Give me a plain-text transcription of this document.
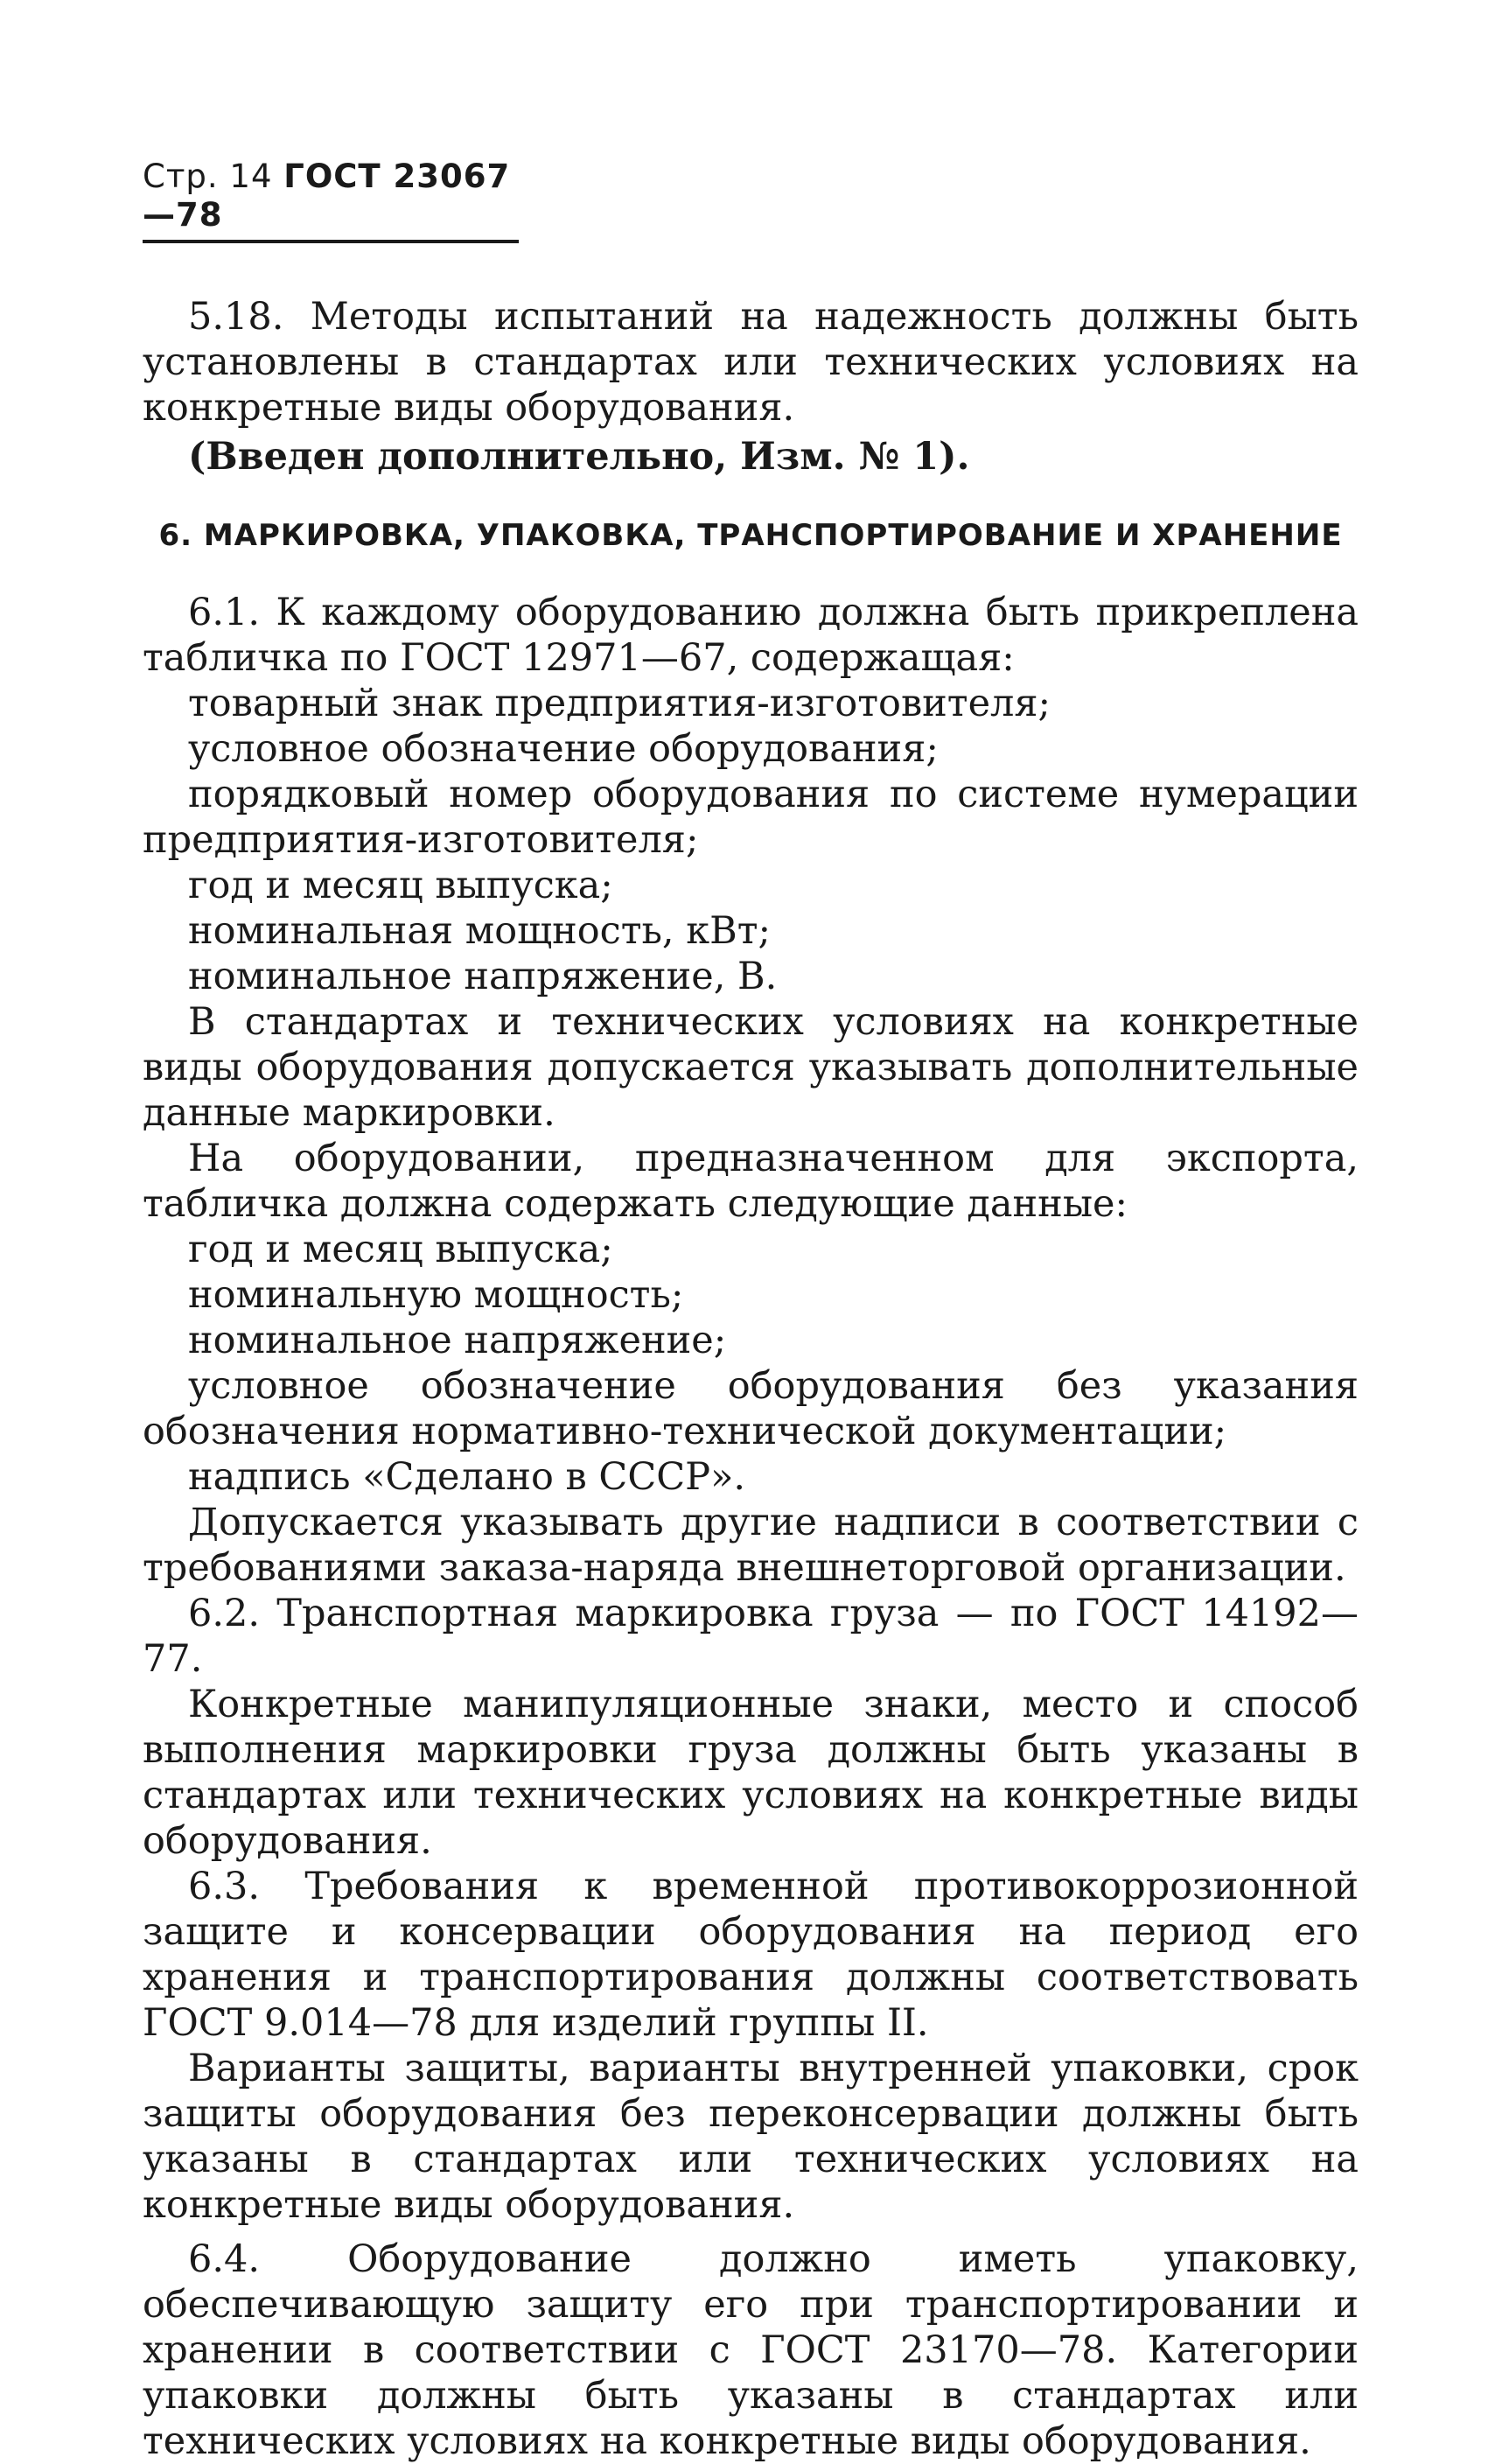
Стр. 14 ГОСТ 23067—78

5.18. Методы испытаний на надежность должны быть установлены в стандартах или технических условиях на конкретные виды оборудования.

(Введен дополнительно, Изм. № 1).

6. МАРКИРОВКА, УПАКОВКА, ТРАНСПОРТИРОВАНИЕ И ХРАНЕНИЕ

6.1. К каждому оборудованию должна быть прикреплена табличка по ГОСТ 12971—67, содержащая:

товарный знак предприятия-изготовителя;

условное обозначение оборудования;

порядковый номер оборудования по системе нумерации предприятия-изготовителя;

год и месяц выпуска;

номинальная мощность, кВт;

номинальное напряжение, В.

В стандартах и технических условиях на конкретные виды оборудования допускается указывать дополнительные данные маркировки.

На оборудовании, предназначенном для экспорта, табличка должна содержать следующие данные:

год и месяц выпуска;

номинальную мощность;

номинальное напряжение;

условное обозначение оборудования без указания обозначения нормативно-технической документации;

надпись «Сделано в СССР».

Допускается указывать другие надписи в соответствии с требованиями заказа-наряда внешнеторговой организации.

6.2. Транспортная маркировка груза — по ГОСТ 14192—77.

Конкретные манипуляционные знаки, место и способ выполнения маркировки груза должны быть указаны в стандартах или технических условиях на конкретные виды оборудования.

6.3. Требования к временной противокоррозионной защите и консервации оборудования на период его хранения и транспортирования должны соответствовать ГОСТ 9.014—78 для изделий группы II.

Варианты защиты, варианты внутренней упаковки, срок защиты оборудования без переконсервации должны быть указаны в стандартах или технических условиях на конкретные виды оборудования.

6.4. Оборудование должно иметь упаковку, обеспечивающую защиту его при транспортировании и хранении в соответствии с ГОСТ 23170—78. Категории упаковки должны быть указаны в стандартах или технических условиях на конкретные виды оборудования.
